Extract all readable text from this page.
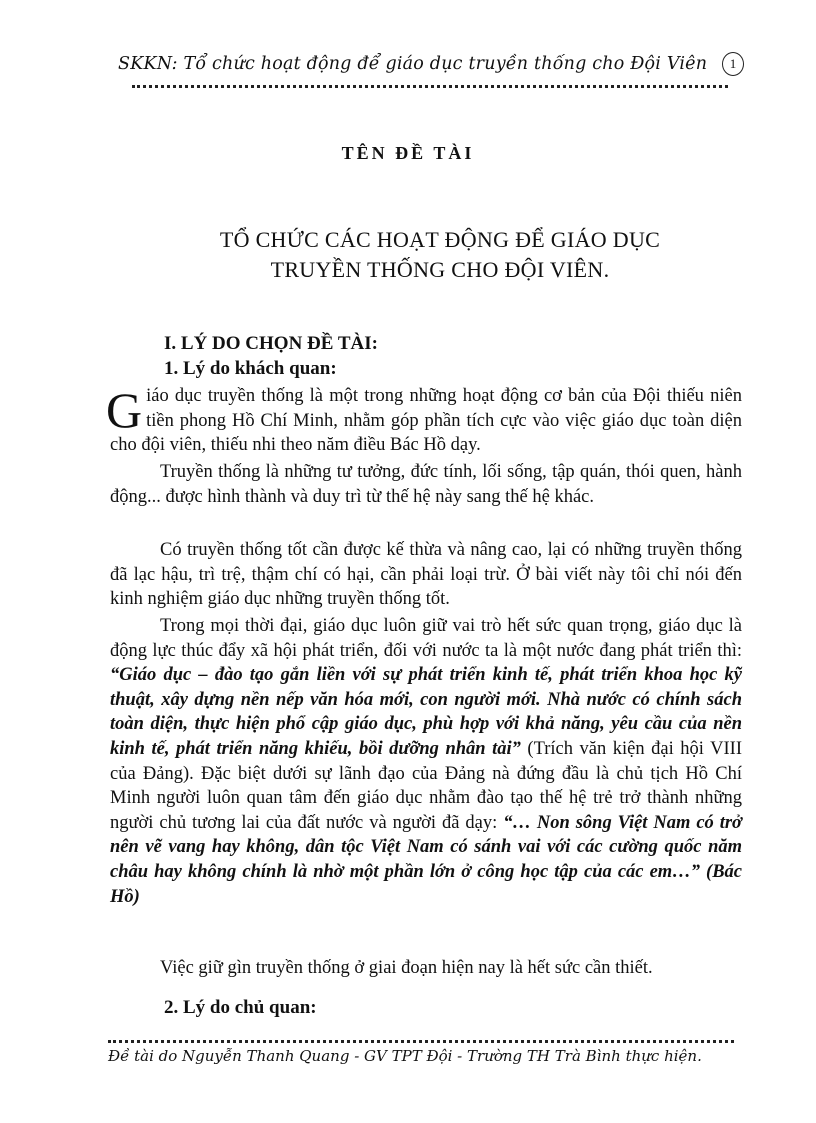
SKKN: Tổ chức hoạt động để giáo dục truyền thống cho Đội Viên	1
TÊN ĐỀ TÀI
TỔ CHỨC CÁC HOẠT ĐỘNG ĐỂ GIÁO DỤC
TRUYỀN THỐNG CHO ĐỘI VIÊN.
I. LÝ DO CHỌN ĐỀ TÀI:
1. Lý do khách quan:
G iáo dục truyền thống là một trong những hoạt động cơ bản của Đội thiếu niên tiền phong Hồ Chí Minh, nhằm góp phần tích cực vào việc giáo dục toàn diện cho đội viên, thiếu nhi theo năm điều Bác Hồ dạy.

Truyền thống là những tư tưởng, đức tính, lối sống, tập quán, thói quen, hành động... được hình thành và duy trì từ thế hệ này sang thế hệ khác.

Có truyền thống tốt cần được kế thừa và nâng cao, lại có những truyền thống đã lạc hậu, trì trệ, thậm chí có hại, cần phải loại trừ. Ở bài viết này tôi chỉ nói đến kinh nghiệm giáo dục những truyền thống tốt.

Trong mọi thời đại, giáo dục luôn giữ vai trò hết sức quan trọng, giáo dục là động lực thúc đẩy xã hội phát triển, đối với nước ta là một nước đang phát triển thì: “Giáo dục – đào tạo gắn liền với sự phát triển kinh tế, phát triển khoa học kỹ thuật, xây dựng nền nếp văn hóa mới, con người mới. Nhà nước có chính sách toàn diện, thực hiện phổ cập giáo dục, phù hợp với khả năng, yêu cầu của nền kinh tế, phát triển năng khiếu, bồi dưỡng nhân tài” (Trích văn kiện đại hội VIII của Đảng). Đặc biệt dưới sự lãnh đạo của Đảng nà đứng đầu là chủ tịch Hồ Chí Minh người luôn quan tâm đến giáo dục nhằm đào tạo thế hệ trẻ trở thành những người chủ tương lai của đất nước và người đã dạy: “… Non sông Việt Nam có trở nên vẽ vang hay không, dân tộc Việt Nam có sánh vai với các cường quốc năm châu hay không chính là nhờ một phần lớn ở công học tập của các em…” (Bác Hồ)

Việc giữ gìn truyền thống ở giai đoạn hiện nay là hết sức cần thiết.

2. Lý do chủ quan:
Đề tài do Nguyễn Thanh Quang - GV TPT Đội - Trường TH Trà Bình thực hiện.
